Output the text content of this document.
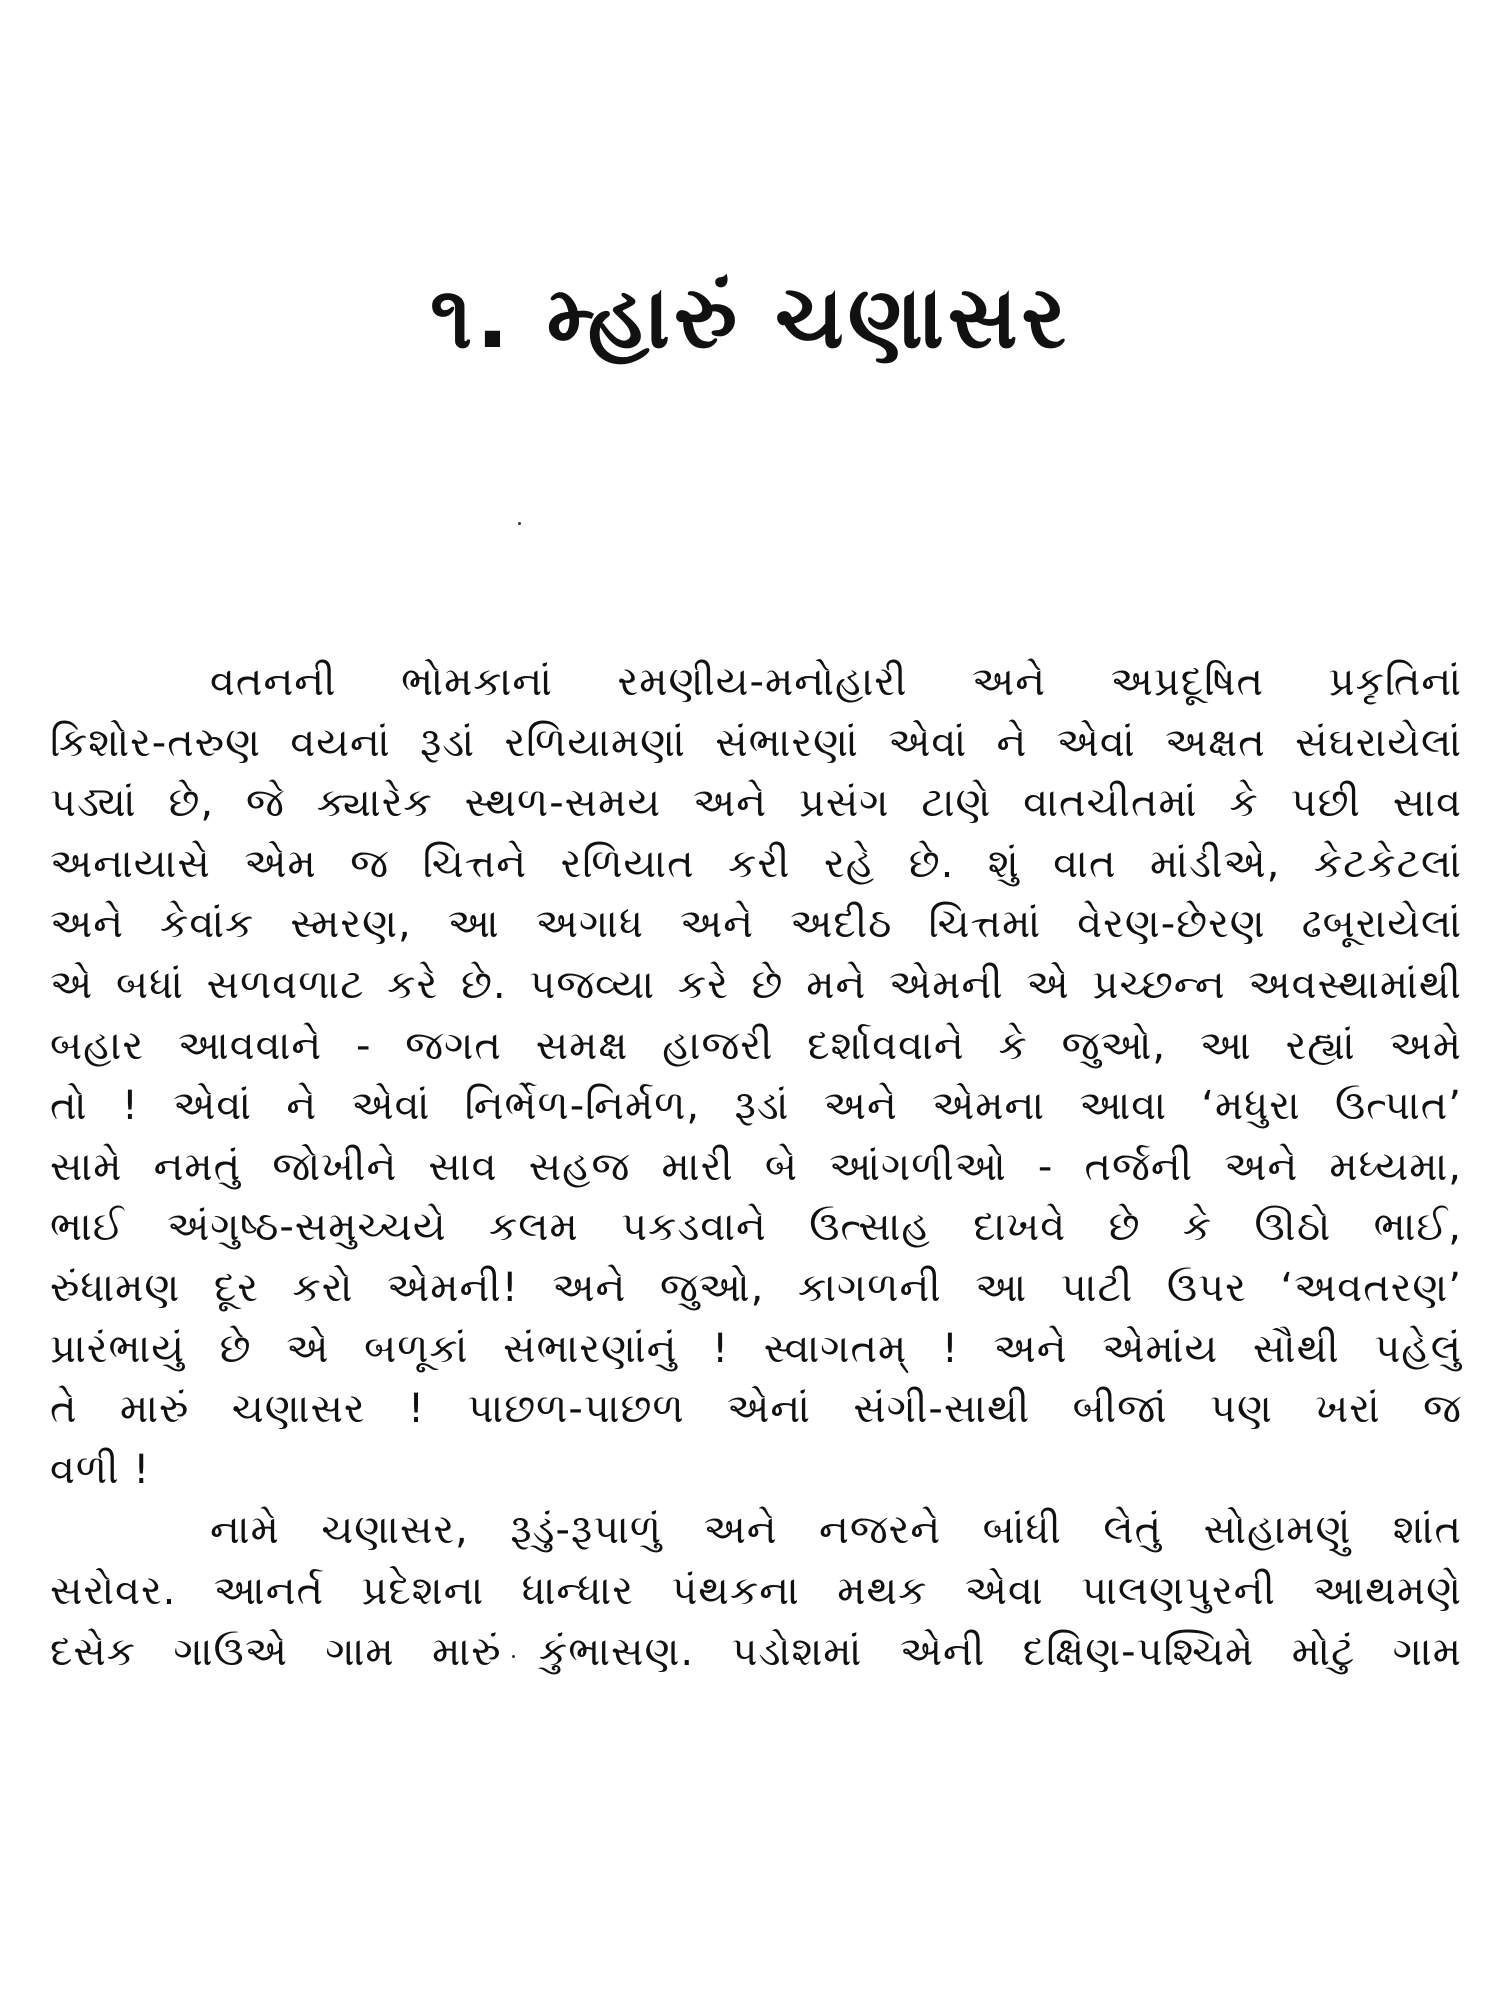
૧. મ્હારું ચણાસર
વતનની ભોમકાનાં રમણીય-મનોહારી અને અપ્રદૂષિત પ્રકૃતિનાં
કિશોર-તરુણ વયનાં રૂડાં રળિયામણાં સંભારણાં એવાં ને એવાં અક્ષત સંઘરાયેલાં
પડ્યાં છે, જે ક્યારેક સ્થળ-સમય અને પ્રસંગ ટાણે વાતચીતમાં કે પછી સાવ
અનાયાસે એમ જ ચિત્તને રળિયાત કરી રહે છે. શું વાત માંડીએ, કેટકેટલાં
અને કેવાંક સ્મરણ, આ અગાધ અને અદીઠ ચિત્તમાં વેરણ-છેરણ ઢબૂરાયેલાં
એ બધાં સળવળાટ કરે છે. પજવ્યા કરે છે મને એમની એ પ્રચ્છન્ન અવસ્થામાંથી
બહાર આવવાને - જગત સમક્ષ હાજરી દર્શાવવાને કે જુઓ, આ રહ્યાં અમે
તો ! એવાં ને એવાં નિર્ભેળ-નિર્મળ, રૂડાં અને એમના આવા ‘મધુરા ઉત્પાત’
સામે નમતું જોખીને સાવ સહજ મારી બે આંગળીઓ - તર્જની અને મધ્યમા,
ભાઈ અંગુષ્ઠ-સમુચ્ચયે કલમ પકડવાને ઉત્સાહ દાખવે છે કે ઊઠો ભાઈ,
રુંધામણ દૂર કરો એમની! અને જુઓ, કાગળની આ પાટી ઉપર ‘અવતરણ’
પ્રારંભાયું છે એ બળૂકાં સંભારણાંનું ! સ્વાગતમ્ ! અને એમાંય સૌથી પહેલું
તે મારું ચણાસર ! પાછળ-પાછળ એનાં સંગી-સાથી બીજાં પણ ખરાં જ
વળી !
નામે ચણાસર, રૂડું-રૂપાળું અને નજરને બાંધી લેતું સોહામણું શાંત
સરોવર. આનર્ત પ્રદેશના ધાન્ધાર પંથકના મથક એવા પાલણપુરની આથમણે
દસેક ગાઉએ ગામ મારું કુંભાસણ. પડોશમાં એની દક્ષિણ-પશ્ચિમે મોટું ગામ
